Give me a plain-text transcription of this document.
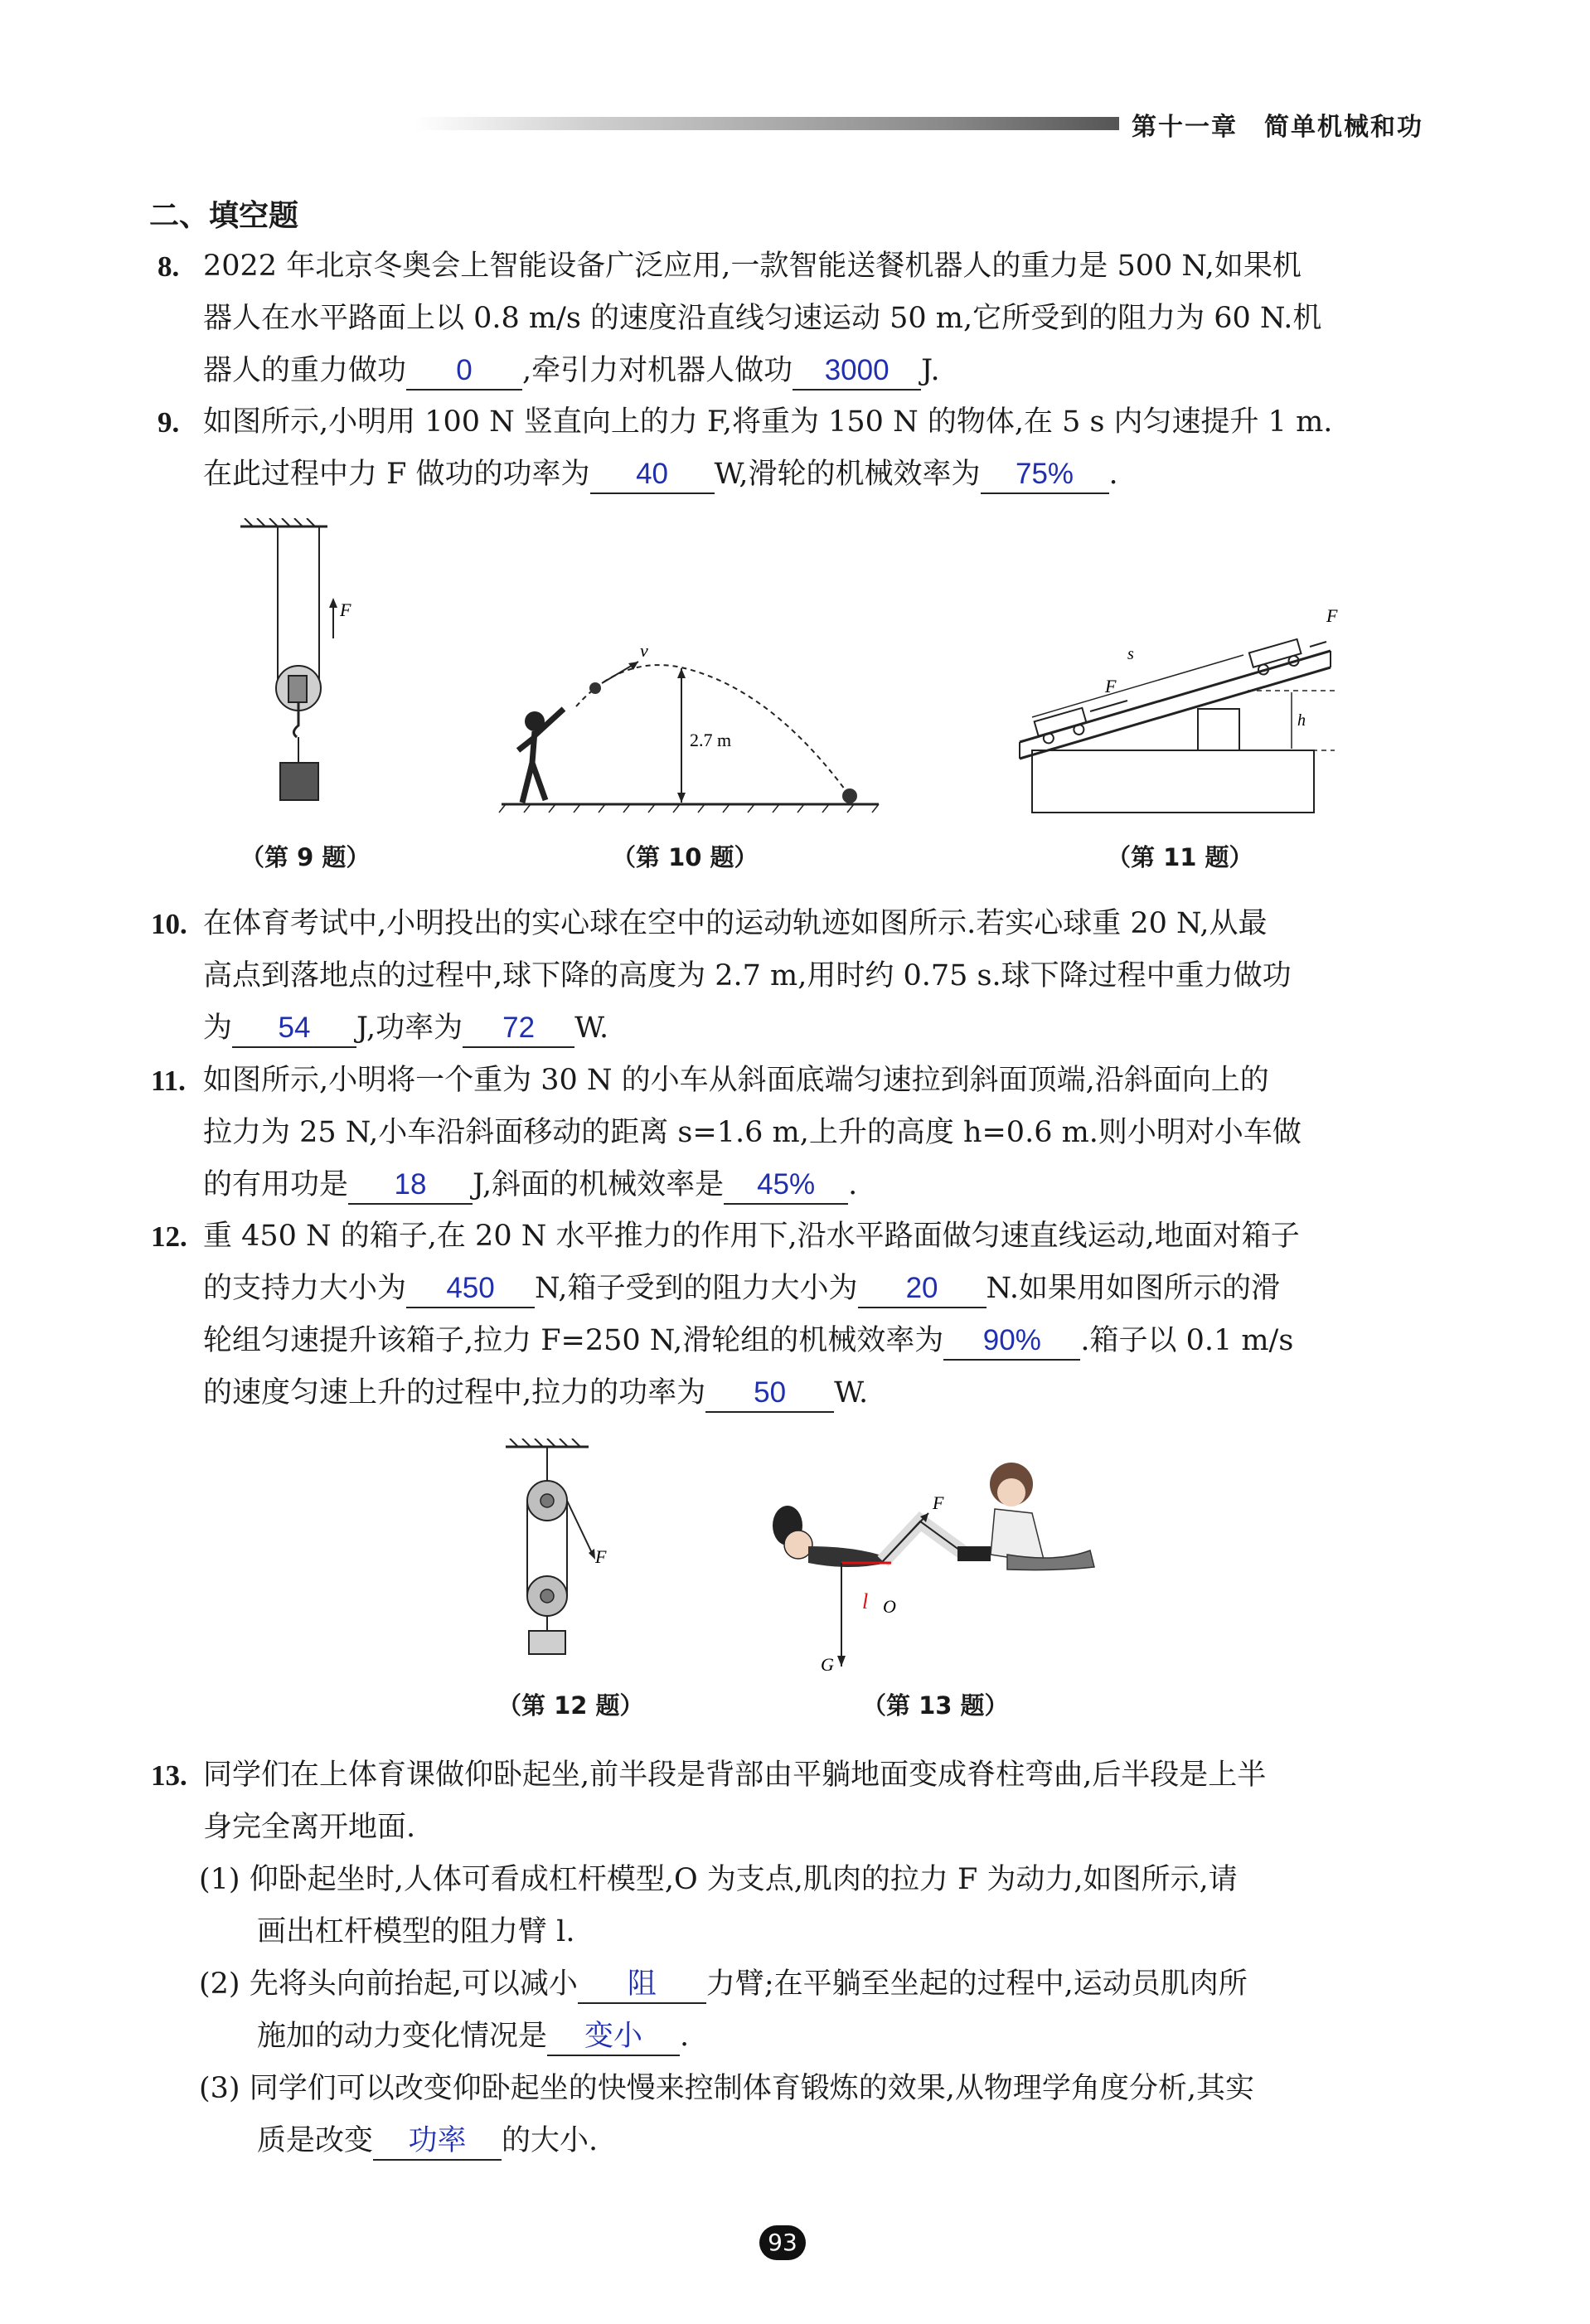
第十一章　简单机械和功
二、填空题
8. 2022 年北京冬奥会上智能设备广泛应用,一款智能送餐机器人的重力是 500 N,如果机
器人在水平路面上以 0.8 m/s 的速度沿直线匀速运动 50 m,它所受到的阻力为 60 N.机
器人的重力做功 0 ,牵引力对机器人做功 3000 J.
9. 如图所示,小明用 100 N 竖直向上的力 F,将重为 150 N 的物体,在 5 s 内匀速提升 1 m.
在此过程中力 F 做功的功率为 40 W,滑轮的机械效率为 75% .
F
（第 9 题）
v
2.7 m
（第 10 题）
F
F
s
h
（第 11 题）
10. 在体育考试中,小明投出的实心球在空中的运动轨迹如图所示.若实心球重 20 N,从最
高点到落地点的过程中,球下降的高度为 2.7 m,用时约 0.75 s.球下降过程中重力做功
为 54 J,功率为 72 W.
11. 如图所示,小明将一个重为 30 N 的小车从斜面底端匀速拉到斜面顶端,沿斜面向上的
拉力为 25 N,小车沿斜面移动的距离 s=1.6 m,上升的高度 h=0.6 m.则小明对小车做
的有用功是 18 J,斜面的机械效率是 45% .
12. 重 450 N 的箱子,在 20 N 水平推力的作用下,沿水平路面做匀速直线运动,地面对箱子
的支持力大小为 450 N,箱子受到的阻力大小为 20 N.如果用如图所示的滑
轮组匀速提升该箱子,拉力 F=250 N,滑轮组的机械效率为 90% .箱子以 0.1 m/s
的速度匀速上升的过程中,拉力的功率为 50 W.
F
（第 12 题）
F
G
l O
（第 13 题）
13. 同学们在上体育课做仰卧起坐,前半段是背部由平躺地面变成脊柱弯曲,后半段是上半
身完全离开地面.
(1) 仰卧起坐时,人体可看成杠杆模型,O 为支点,肌肉的拉力 F 为动力,如图所示,请
画出杠杆模型的阻力臂 l.
(2) 先将头向前抬起,可以减小 阻 力臂;在平躺至坐起的过程中,运动员肌肉所
施加的动力变化情况是 变小 .
(3) 同学们可以改变仰卧起坐的快慢来控制体育锻炼的效果,从物理学角度分析,其实
质是改变 功率 的大小.
93
